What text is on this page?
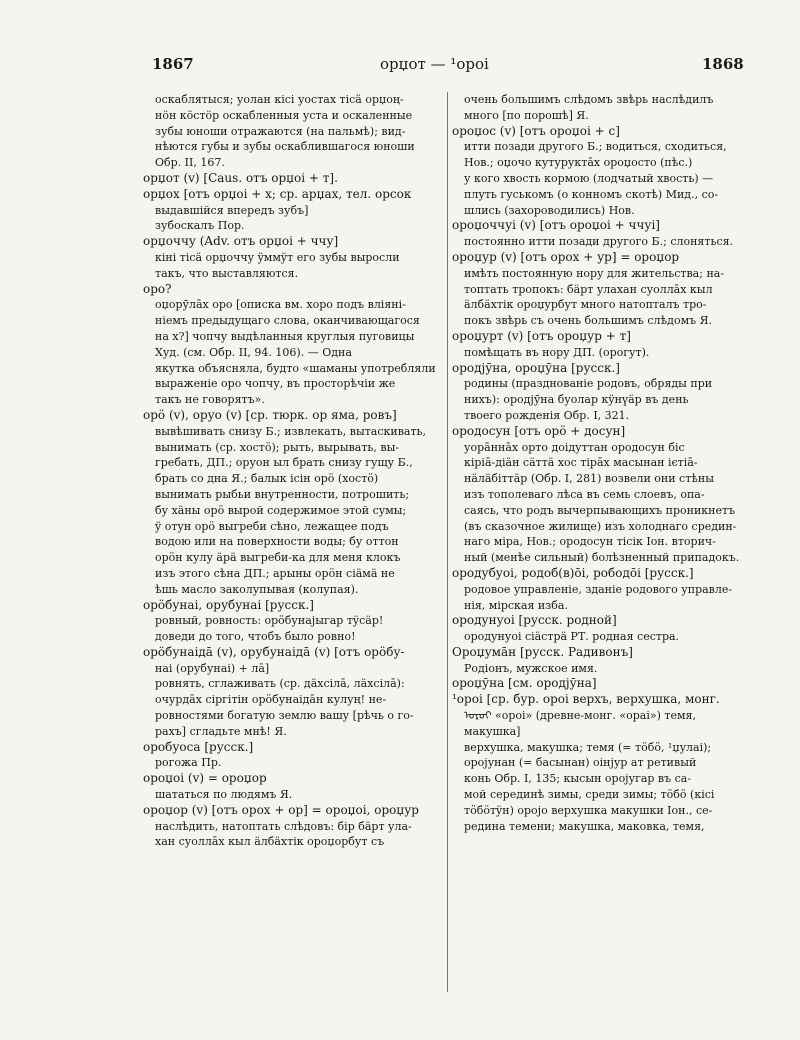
1867	орџот — ¹ороі	1868
оскаблятыся; уолан кісі уостах тісä орџоң-
нöн кöстöр оскабленныя уста и оскаленные
зубы юноши отражаются (на пальмѣ); вид-
нѣются губы и зубы оскаблившагося юноши
Обр. II, 167.
орџот (v) [Caus. отъ орџоі + т].
орџох [отъ орџоі + х; ср. арџах, тел. орсок
выдавшійся впередъ зубъ]
зубоскалъ Пор.
орџоччу (Adv. отъ орџоі + ччу]
кіні тісä орџоччу ÿммÿт его зубы выросли
такъ, что выставляются.
оро?
оџорӯлāх оро [описка вм. хоро подъ вліяні-
ніемъ предыдущаго слова, оканчивающагося
на х?] чопчу выдѣланныя круглыя пуговицы
Худ. (см. Обр. II, 94. 106). — Одна
якутка объясняла, будто «шаманы употребляли
выраженіе оро чопчу, въ просторѣчіи же
такъ не говорятъ».
орӧ (v), оруо (v) [ср. тюрк. ор яма, ровъ]
вывѣшивать снизу Б.; извлекать, вытаскивать,
вынимать (ср. хостӧ); рыть, вырывать, вы-
гребать, ДП.; оруон ыл брать снизу гущу Б.,
брать со дна Я.; балык ісін орӧ (хостӧ)
вынимать рыбьи внутренности, потрошить;
бу хäны орӧ вырой содержимое этой сумы;
ÿ отун орӧ выгреби сѣно, лежащее подъ
водою или на поверхности воды; бу оттон
орӧн кулу äрä выгреби-ка для меня клокъ
изъ этого сѣна ДП.; арыны орӧн сіäмä не
ѣшь масло заколупывая (колупая).
орӧбунаі, орубунаі [русск.]
ровный, ровность: орӧбунајыгар тÿсäр!
доведи до того, чтобъ было ровно!
орӧбунаідā (v), орубунаідā (v) [отъ орӧбу-
наі (орубунаі) + лā]
ровнять, сглаживать (ср. дäхсілā, лäхсілā):
очурдāх сіргітін орӧбунаідāн кулуң! не-
ровностями богатую землю вашу [рѣчь о го-
рахъ] сгладьте мнѣ! Я.
оробуоса [русск.]
рогожа Пр.
ороџоі (v) = ороџор
шататься по людямъ Я.
ороџор (v) [отъ орох + ор] = ороџоі, ороџур
наслѣдить, натоптать слѣдовъ: бір бäрт ула-
хан суоллāх кыл äлбäхтік ороџорбут съ
очень большимъ слѣдомъ звѣрь наслѣдилъ
много [по порошѣ] Я.
ороџос (v) [отъ ороџоі + с]
итти позади другого Б.; водиться, сходиться,
Нов.; оџочо кутуруктāх ороџосто (пѣс.)
у кого хвость кормою (лодчатый хвость) —
плуть гуськомъ (о конномъ скотѣ) Мид., со-
шлись (захороводились) Нов.
ороџоччуі (v) [отъ ороџоі + ччуі]
постоянно итти позади другого Б.; слоняться.
ороџур (v) [отъ орох + ур] = ороџор
имѣть постоянную нору для жительства; на-
топтать тропокъ: бäрт улахан суоллāх кыл
äлбäхтік ороџурбут много натопталъ тро-
покъ звѣрь съ очень большимъ слѣдомъ Я.
ороџурт (v) [отъ ороџур + т]
помѣщать въ нору ДП. (орогут).
ородјӯна, ороџӯна [русск.]
родины (празднованіе родовъ, обряды при
нихъ): ородјӯна буолар кÿнүäр въ день
твоего рожденія Обр. I, 321.
ородосун [отъ орӧ + досун]
уорāннāх орто доідуттан ородосун біс
кіріā-діäн сäттä хос тірāх масынан ієтіā-
нäлäбіттäр (Обр. I, 281) возвели они стѣны
изъ тополеваго лѣса въ семь слоевъ, опа-
саясь, что родъ вычерпывающихъ проникнетъ
(въ сказочное жилище) изъ холоднаго средин-
наго міра, Нов.; ородосун тісік Іон. вторич-
ный (менѣе сильный) болѣзненный припадокъ.
ородубуоі, родоб(в)ōі, рободōі [русск.]
родовое управленіе, зданіе родового управле-
нія, мірская изба.
ородунуоі [русск. родной]
ородунуоі сіäстрä РТ. родная сестра.
Ороџумāн [русск. Радивонъ]
Родіонъ, мужское имя.
ороџӯна [см. ородјӯна]
¹ороі [ср. бур. ороі верхъ, верхушка, монг.
ᠣᠷᠣᠢ «ороі» (древне-монг. «орai») темя,
макушка]
верхушка, макушка; темя (= тӧбӧ, ¹џулаі);
оројунан (= басынан) оінјур ат ретивый
конь Обр. I, 135; кысын оројугар въ са-
мой серединѣ зимы, среди зимы; тӧбӧ (кісі
тӧбӧтÿн) оројо верхушка макушки Іон., се-
редина темени; макушка, маковка, темя,
